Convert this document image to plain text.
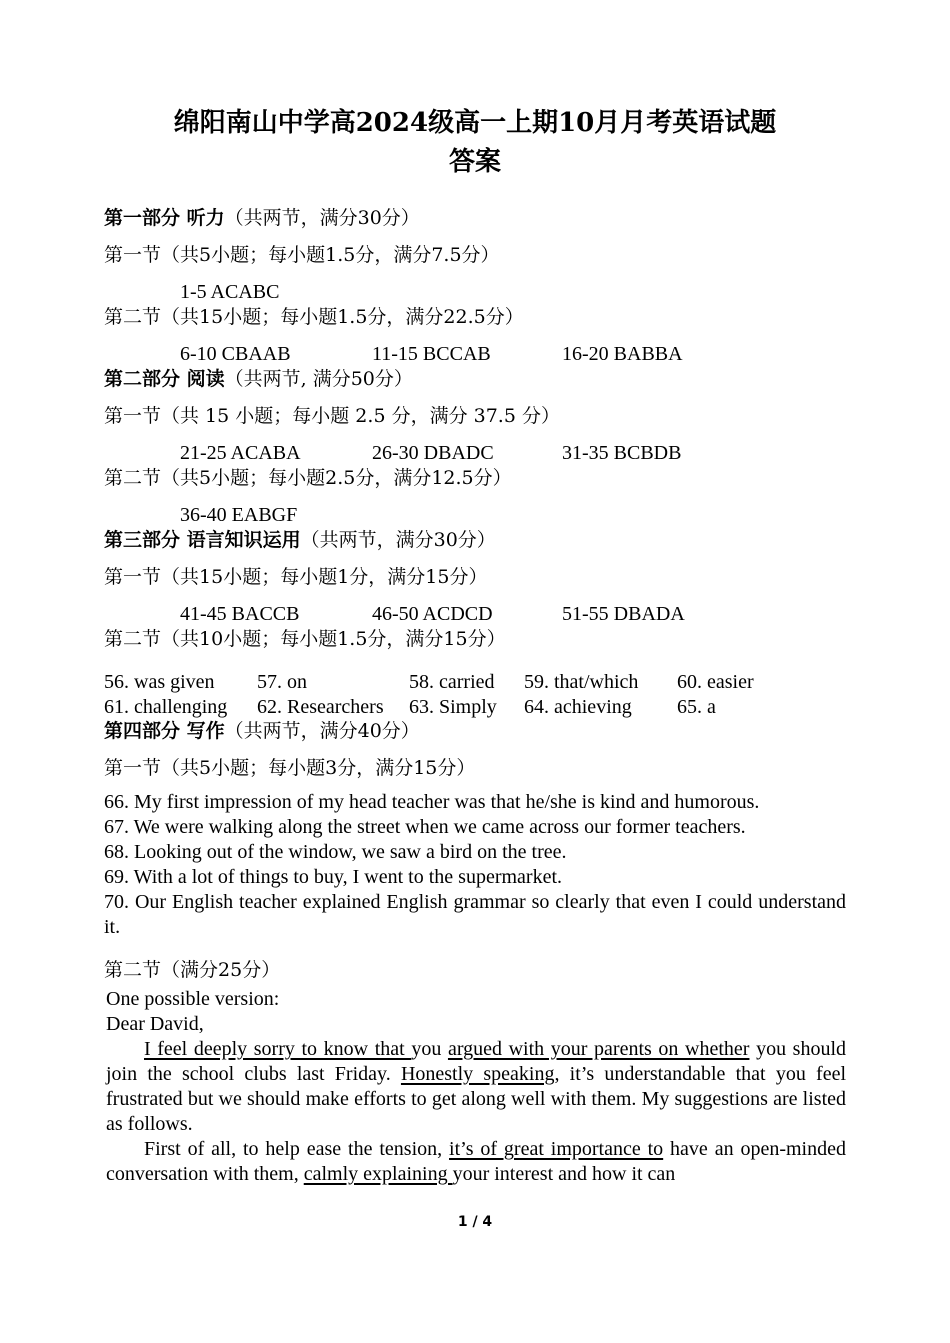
绵阳南山中学高2024级高一上期10月月考英语试题
答案
第一部分 听力（共两节，满分30分）
第一节（共5小题；每小题1.5分，满分7.5分）
1-5 ACABC
第二节（共15小题；每小题1.5分，满分22.5分）
6-10 CBAAB	11-15 BCCAB	16-20 BABBA
第二部分 阅读（共两节, 满分50分）
第一节（共 15 小题；每小题 2.5 分，满分 37.5 分）
21-25 ACABA	26-30 DBADC	31-35 BCBDB
第二节（共5小题；每小题2.5分，满分12.5分）
36-40 EABGF
第三部分 语言知识运用（共两节，满分30分）
第一节（共15小题；每小题1分，满分15分）
41-45 BACCB	46-50 ACDCD	51-55 DBADA
第二节（共10小题；每小题1.5分，满分15分）
56. was given 57. on	58. carried 59. that/which 60. easier
61. challenging 62. Researchers 63. Simply 64. achieving 65. a
第四部分 写作（共两节，满分40分）
第一节（共5小题；每小题3分，满分15分）
66. My first impression of my head teacher was that he/she is kind and humorous.
67. We were walking along the street when we came across our former teachers.
68. Looking out of the window, we saw a bird on the tree.
69. With a lot of things to buy, I went to the supermarket.
70. Our English teacher explained English grammar so clearly that even I could understand it.
第二节（满分25分）
One possible version:
Dear David,

I feel deeply sorry to know that you argued with your parents on whether you should join the school clubs last Friday. Honestly speaking, it’s understandable that you feel frustrated but we should make efforts to get along well with them. My suggestions are listed as follows.

First of all, to help ease the tension, it’s of great importance to have an open-minded conversation with them, calmly explaining your interest and how it can

1 / 4
